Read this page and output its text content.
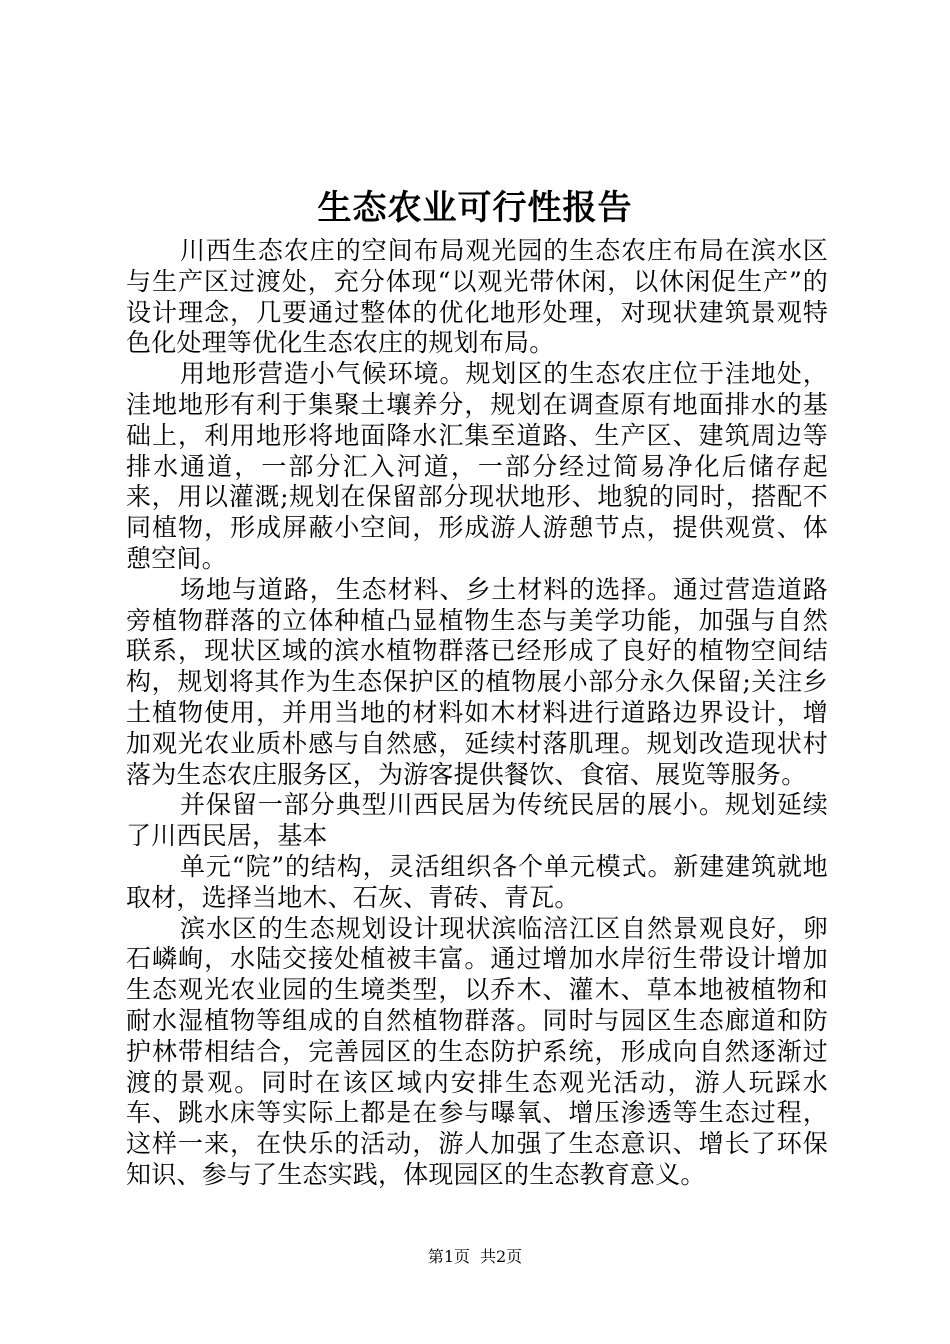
生态农业可行性报告

川西生态农庄的空间布局观光园的生态农庄布局在滨水区与生产区过渡处，充分体现“以观光带休闲，以休闲促生产”的设计理念，几要通过整体的优化地形处理，对现状建筑景观特色化处理等优化生态农庄的规划布局。

用地形营造小气候环境。规划区的生态农庄位于洼地处，洼地地形有利于集聚土壤养分，规划在调查原有地面排水的基础上，利用地形将地面降水汇集至道路、生产区、建筑周边等排水通道，一部分汇入河道，一部分经过简易净化后储存起来，用以灌溉;规划在保留部分现状地形、地貌的同时，搭配不同植物，形成屏蔽小空间，形成游人游憩节点，提供观赏、体憩空间。

场地与道路，生态材料、乡土材料的选择。通过营造道路旁植物群落的立体种植凸显植物生态与美学功能，加强与自然联系，现状区域的滨水植物群落已经形成了良好的植物空间结构，规划将其作为生态保护区的植物展小部分永久保留;关注乡土植物使用，并用当地的材料如木材料进行道路边界设计，增加观光农业质朴感与自然感，延续村落肌理。规划改造现状村落为生态农庄服务区，为游客提供餐饮、食宿、展览等服务。

并保留一部分典型川西民居为传统民居的展小。规划延续了川西民居，基本

单元“院”的结构，灵活组织各个单元模式。新建建筑就地取材，选择当地木、石灰、青砖、青瓦。

滨水区的生态规划设计现状滨临涪江区自然景观良好，卵石嶙峋，水陆交接处植被丰富。通过增加水岸衍生带设计增加生态观光农业园的生境类型，以乔木、灌木、草本地被植物和耐水湿植物等组成的自然植物群落。同时与园区生态廊道和防护林带相结合，完善园区的生态防护系统，形成向自然逐渐过渡的景观。同时在该区域内安排生态观光活动，游人玩踩水车、跳水床等实际上都是在参与曝氧、增压渗透等生态过程，这样一来，在快乐的活动，游人加强了生态意识、增长了环保知识、参与了生态实践，体现园区的生态教育意义。

第1页 共2页
